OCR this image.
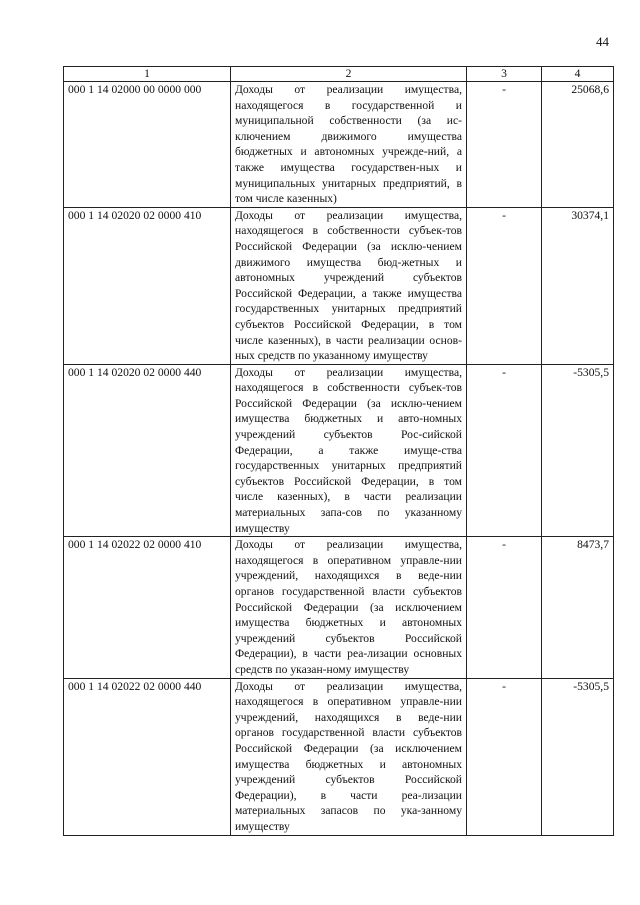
44
1	2	3	4
000 1 14 02000 00 0000 000	Доходы от реализации имущества, находящегося в государственной и муниципальной собственности (за ис-ключением движимого имущества бюджетных и автономных учрежде-ний, а также имущества государствен-ных и муниципальных унитарных предприятий, в том числе казенных)	-	25068,6
000 1 14 02020 02 0000 410	Доходы от реализации имущества, находящегося в собственности субъек-тов Российской Федерации (за исклю-чением движимого имущества бюд-жетных и автономных учреждений субъектов Российской Федерации, а также имущества государственных унитарных предприятий субъектов Российской Федерации, в том числе казенных), в части реализации основ-ных средств по указанному имуществу	-	30374,1
000 1 14 02020 02 0000 440	Доходы от реализации имущества, находящегося в собственности субъек-тов Российской Федерации (за исклю-чением имущества бюджетных и авто-номных учреждений субъектов Рос-сийской Федерации, а также имуще-ства государственных унитарных предприятий субъектов Российской Федерации, в том числе казенных), в части реализации материальных запа-сов по указанному имуществу	-	-5305,5
000 1 14 02022 02 0000 410	Доходы от реализации имущества, находящегося в оперативном управле-нии учреждений, находящихся в веде-нии органов государственной власти субъектов Российской Федерации (за исключением имущества бюджетных и автономных учреждений субъектов Российской Федерации), в части реа-лизации основных средств по указан-ному имуществу	-	8473,7
000 1 14 02022 02 0000 440	Доходы от реализации имущества, находящегося в оперативном управле-нии учреждений, находящихся в веде-нии органов государственной власти субъектов Российской Федерации (за исключением имущества бюджетных и автономных учреждений субъектов Российской Федерации), в части реа-лизации материальных запасов по ука-занному имуществу	-	-5305,5
